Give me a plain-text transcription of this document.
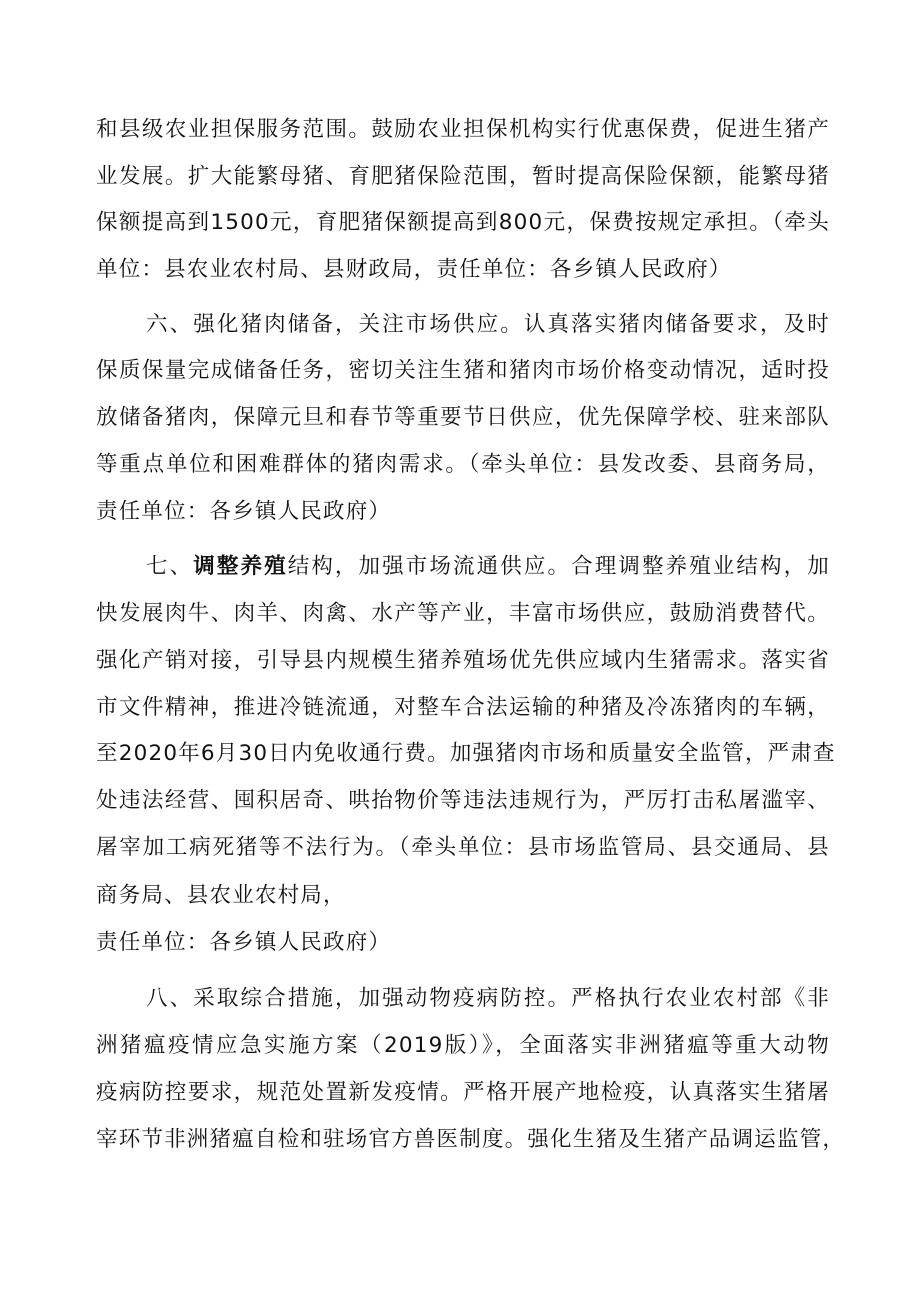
和县级农业担保服务范围。鼓励农业担保机构实行优惠保费，促进生猪产
业发展。扩大能繁母猪、育肥猪保险范围，暂时提高保险保额，能繁母猪
保额提高到1500元，育肥猪保额提高到800元，保费按规定承担。（牵头
单位：县农业农村局、县财政局，责任单位：各乡镇人民政府）
六、强化猪肉储备，关注市场供应。认真落实猪肉储备要求，及时
保质保量完成储备任务，密切关注生猪和猪肉市场价格变动情况，适时投
放储备猪肉，保障元旦和春节等重要节日供应，优先保障学校、驻来部队
等重点单位和困难群体的猪肉需求。（牵头单位：县发改委、县商务局，
责任单位：各乡镇人民政府）
七、调整养殖结构，加强市场流通供应。合理调整养殖业结构，加
快发展肉牛、肉羊、肉禽、水产等产业，丰富市场供应，鼓励消费替代。
强化产销对接，引导县内规模生猪养殖场优先供应域内生猪需求。落实省
市文件精神，推进冷链流通，对整车合法运输的种猪及冷冻猪肉的车辆，
至2020年6月30日内免收通行费。加强猪肉市场和质量安全监管，严肃查
处违法经营、囤积居奇、哄抬物价等违法违规行为，严厉打击私屠滥宰、
屠宰加工病死猪等不法行为。（牵头单位：县市场监管局、县交通局、县
商务局、县农业农村局，
责任单位：各乡镇人民政府）
八、采取综合措施，加强动物疫病防控。严格执行农业农村部《非
洲猪瘟疫情应急实施方案（2019版）》，全面落实非洲猪瘟等重大动物
疫病防控要求，规范处置新发疫情。严格开展产地检疫，认真落实生猪屠
宰环节非洲猪瘟自检和驻场官方兽医制度。强化生猪及生猪产品调运监管，
